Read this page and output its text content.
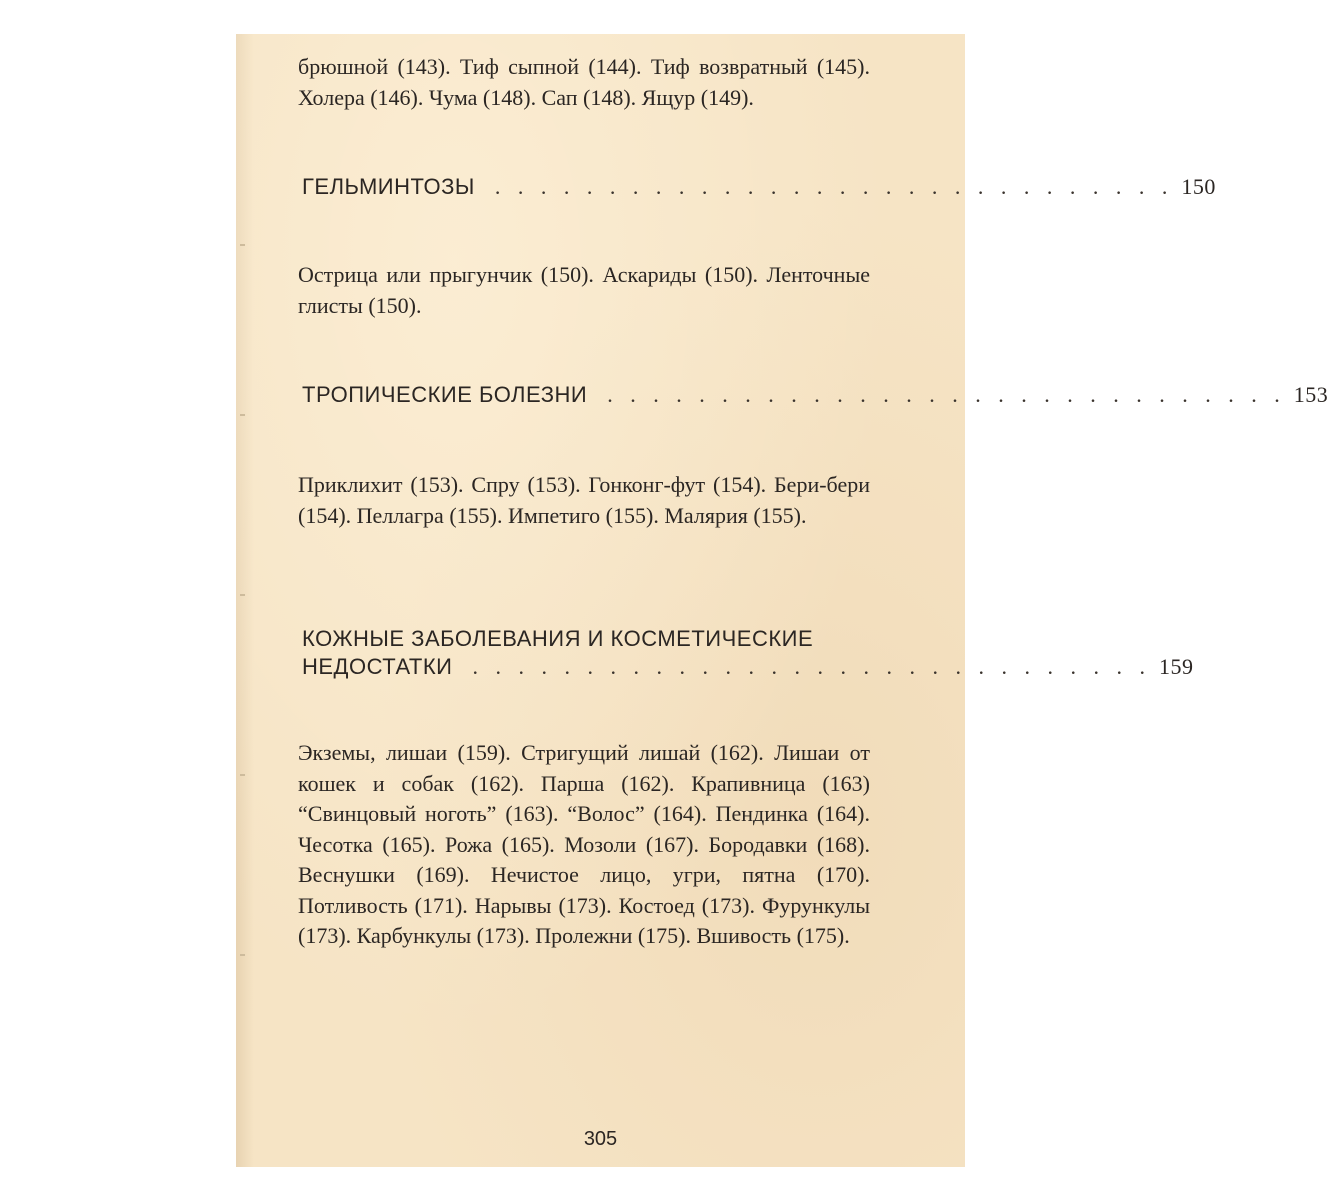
брюшной (143). Тиф сыпной (144). Тиф возвратный (145). Холера (146). Чума (148). Сап (148). Ящур (149).

ГЕЛЬМИНТОЗЫ . . . . . . . . . . . . . . . . . . . . . . . . . . . . . . 150

Острица или прыгунчик (150). Аскариды (150). Ленточные глисты (150).

ТРОПИЧЕСКИЕ БОЛЕЗНИ . . . . . . . . . . . . . . . . . . . . . . . . . . . . . . 153

Приклихит (153). Спру (153). Гонконг-фут (154). Бери-бери (154). Пеллагра (155). Импетиго (155). Малярия (155).

КОЖНЫЕ ЗАБОЛЕВАНИЯ И КОСМЕТИЧЕСКИЕ
НЕДОСТАТКИ . . . . . . . . . . . . . . . . . . . . . . . . . . . . . . 159

Экземы, лишаи (159). Стригущий лишай (162). Лишаи от кошек и собак (162). Парша (162). Крапивница (163) “Свинцовый ноготь” (163). “Волос” (164). Пендинка (164). Чесотка (165). Рожа (165). Мозоли (167). Бородавки (168). Веснушки (169). Нечистое лицо, угри, пятна (170). Потливость (171). Нарывы (173). Костоед (173). Фурункулы (173). Карбункулы (173). Пролежни (175). Вшивость (175).

305
